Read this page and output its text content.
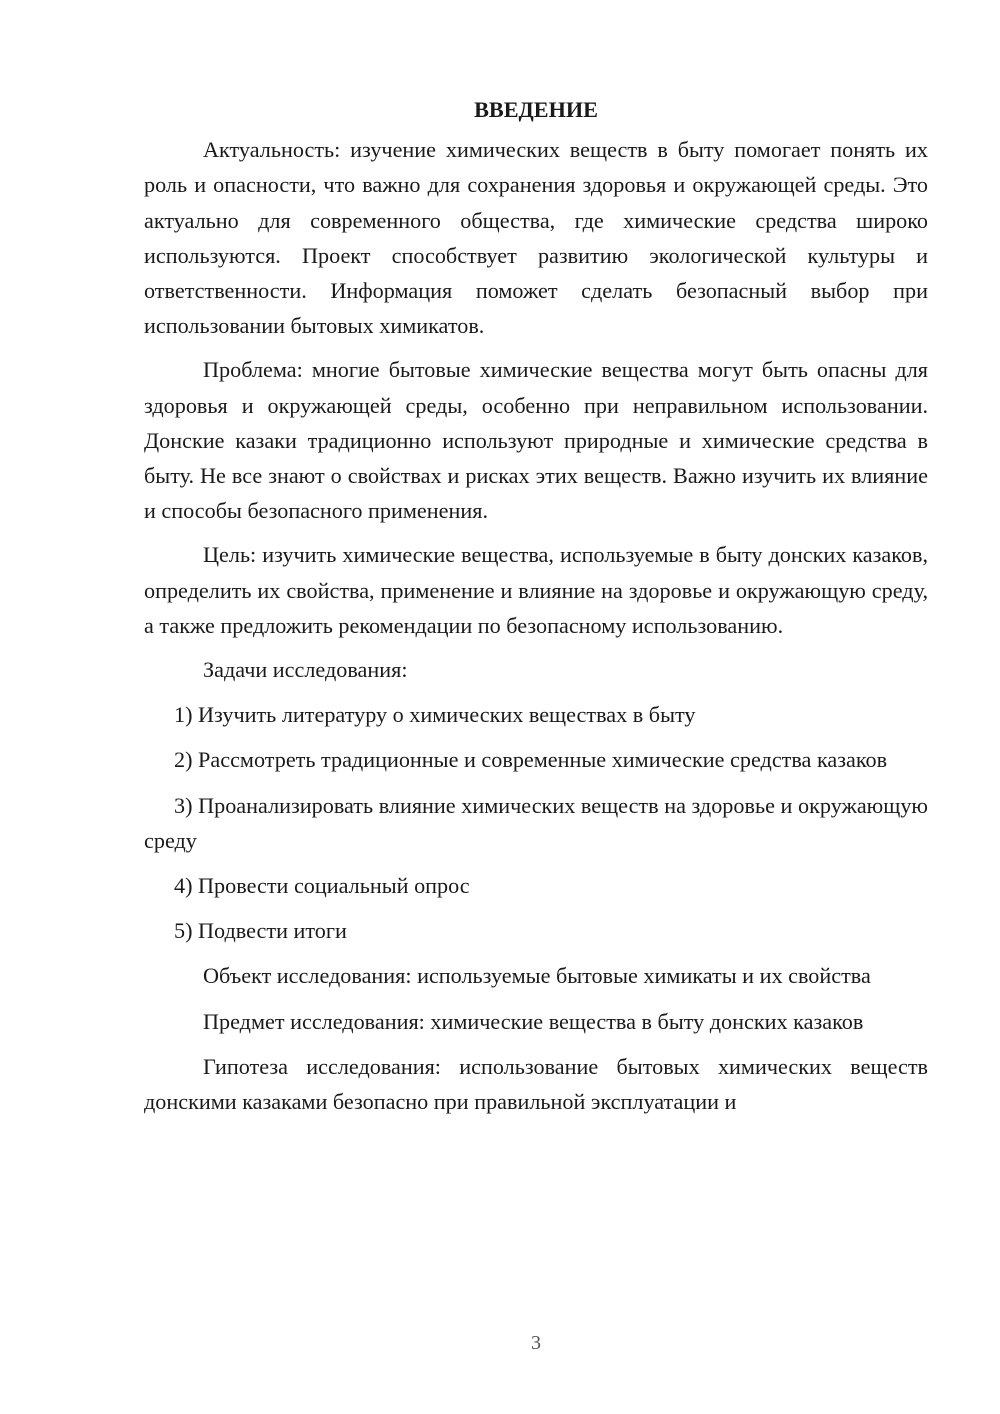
ВВЕДЕНИЕ

Актуальность: изучение химических веществ в быту помогает понять их роль и опасности, что важно для сохранения здоровья и окружающей среды. Это актуально для современного общества, где химические средства широко используются. Проект способствует развитию экологической культуры и ответственности. Информация поможет сделать безопасный выбор при использовании бытовых химикатов.

Проблема: многие бытовые химические вещества могут быть опасны для здоровья и окружающей среды, особенно при неправильном использовании. Донские казаки традиционно используют природные и химические средства в быту. Не все знают о свойствах и рисках этих веществ. Важно изучить их влияние и способы безопасного применения.

Цель: изучить химические вещества, используемые в быту донских казаков, определить их свойства, применение и влияние на здоровье и окружающую среду, а также предложить рекомендации по безопасному использованию.

Задачи исследования:

1) Изучить литературу о химических веществах в быту

2) Рассмотреть традиционные и современные химические средства казаков

3) Проанализировать влияние химических веществ на здоровье и окружающую среду

4) Провести социальный опрос

5) Подвести итоги

Объект исследования: используемые бытовые химикаты и их свойства

Предмет исследования: химические вещества в быту донских казаков

Гипотеза исследования: использование бытовых химических веществ донскими казаками безопасно при правильной эксплуатации и

3
